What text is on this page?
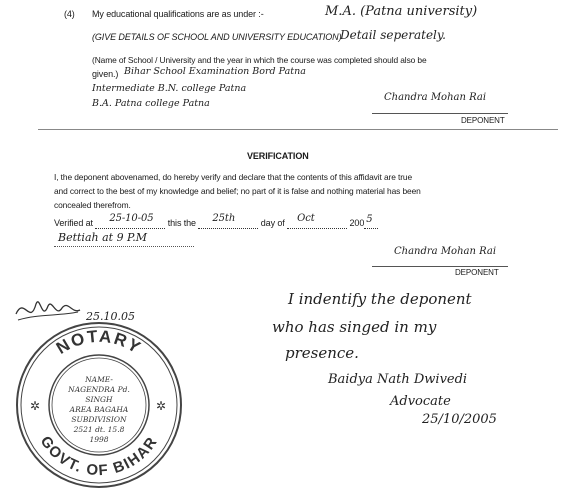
(4) My educational qualifications are as under :-	M.A. (Patna university)
(GIVE DETAILS OF SCHOOL AND UNIVERSITY EDUCATION)
Detail seperately.
(Name of School / University and the year in which the course was completed should also be
given.) Bihar School Examination Bord Patna
Intermediate B.N. college Patna
B.A. Patna college Patna
Chandra Mohan Rai
DEPONENT
VERIFICATION
I, the deponent abovenamed, do hereby verify and declare that the contents of this affidavit are true
and correct to the best of my knowledge and belief; no part of it is false and nothing material has been
concealed therefrom.
Verified at 25-10-05 this the 25th	day of Oct	200 5

Bettiah at 9 P.M
Chandra Mohan Rai
DEPONENT
25.10.05
NOTARY
GOVT. OF BIHAR
✲	✲
NAME-
NAGENDRA Pd.
SINGH
AREA BAGAHA
SUBDIVISION
2521 dt. 15.8
1998
I indentify the deponent
who has singed in my
presence.
Baidya Nath Dwivedi
Advocate
25/10/2005
